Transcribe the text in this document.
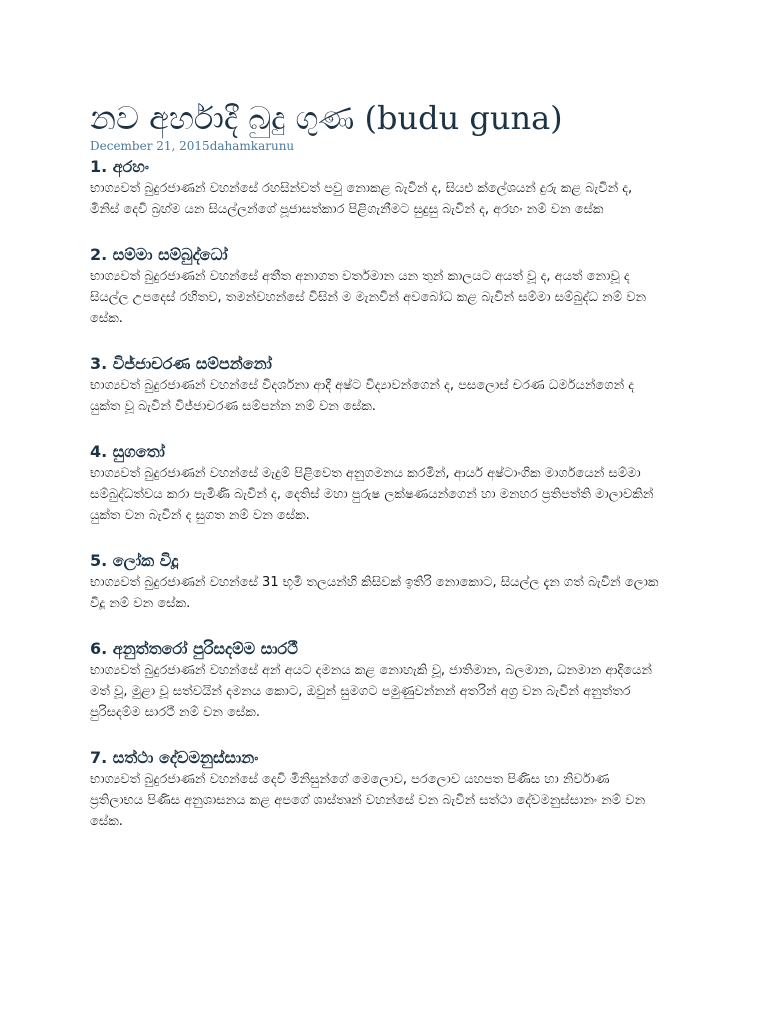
නව අර්හාදී බුදු ගුණ (budu guna)
December 21, 2015dahamkarunu
1. අරහං

භාග්‍යවත් බුදුරජාණන් වහන්සේ රහසින්වත් පවු නොකළ බැවින් ද, සියළු ක්ලේශයන් දුරු කළ බැවින් ද, මිනිස් දෙවි බ්‍රහ්ම යන සියල්ලන්ගේ පූජාසත්කාර පිළිගැනීමට සුදුසු බැවින් ද, අරහං නම් වන සේක

2. සම්මා සම්බුද්ධෝ

භාග්‍යවත් බුදුරජාණන් වහන්සේ අතීත අනාගත වර්තමාන යන තුන් කාලයට අයත් වූ ද, අයත් නොවූ ද සියල්ල උපදෙස් රහිතව, තමන්වහන්සේ විසින් ම මැනවින් අවබෝධ කළ බැවින් සම්මා සම්බුද්ධ නම් වන සේක.

3. විජ්ජාචරණ සම්පන්නෝ

භාග්‍යවත් බුදුරජාණන් වහන්සේ විදර්ශනා ආදී අෂ්ට විද්‍යාවන්ගෙන් ද, පසලොස් චරණ ධර්මයන්ගෙන් ද යුක්ත වූ බැවින් විජ්ජාචරණ සම්පන්න නම් වන සේක.

4. සුගතෝ

භාග්‍යවත් බුදුරජාණන් වහන්සේ මැදුම් පිළිවෙත අනුගමනය කරමින්, ආර්ය අෂ්ටාංගික මාර්ගයෙන් සම්මා සම්බුද්ධත්වය කරා පැමිණි බැවින් ද, දෙතිස් මහා පුරුෂ ලක්ෂණයන්ගෙන් හා මනහර ප්‍රතිපත්ති මාලාවකින් යුක්ත වන බැවින් ද සුගත නම් වන සේක.

5. ලෝක විදූ

භාග්‍යවත් බුදුරජාණන් වහන්සේ 31 භූමි තලයන්හි කිසිවක් ඉතිරි නොකොට, සියල්ල දැන ගත් බැවින් ලොක විදූ නම් වන සේක.

6. අනුත්තරෝ පුරිසදම්ම සාරථී

භාග්‍යවත් බුදුරජාණන් වහන්සේ අන් අයට දමනය කළ නොහැකි වූ, ජාතිමාන, බලමාන, ධනමාන ආදියෙන් මත් වූ, මුළා වූ සත්වයින් දමනය කොට, ඔවුන් සුමගට පමුණුවන්නන් අතරින් අග්‍ර වන බැවින් අනුත්තර පුරිසදම්ම සාරථී නම් වන සේක.

7. සත්ථා දේවමනුස්සානං

භාග්‍යවත් බුදුරජාණන් වහන්සේ දෙවි මිනිසුන්ගේ මෙලොව, පරලොව යහපත පිණිස හා නිර්වාණ ප්‍රතිලාභය පිණිස අනුශාසනය කළ අපගේ ශාස්තෘන් වහන්සේ වන බැවින් සත්ථා දේවමනුස්සානං නම් වන සේක.
